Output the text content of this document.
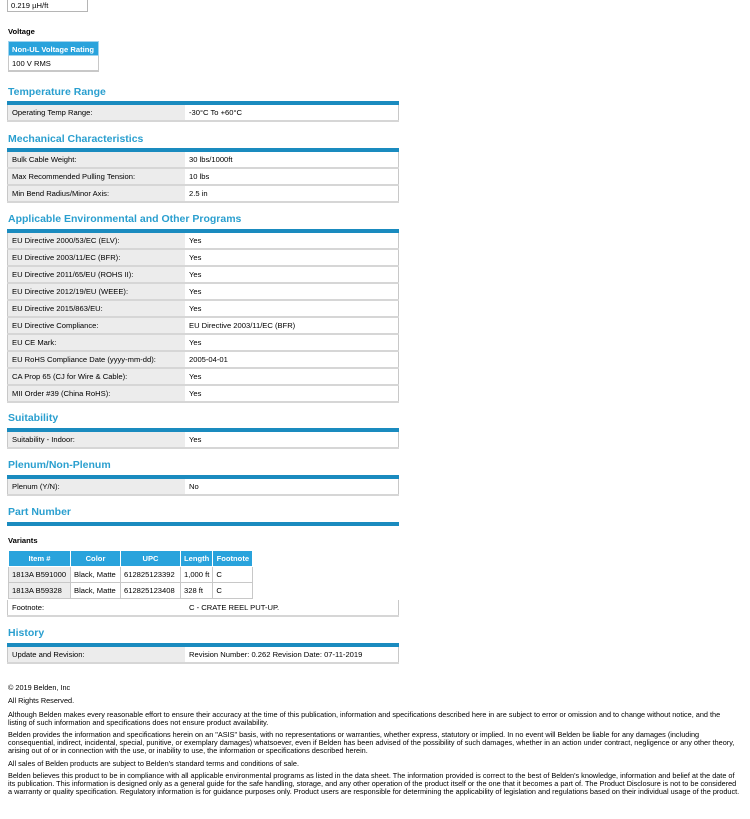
0.219 µH/ft
Voltage
Non-UL Voltage Rating
100 V RMS
Temperature Range
Operating Temp Range:	-30°C To +60°C
Mechanical Characteristics
Bulk Cable Weight:	30 lbs/1000ft
Max Recommended Pulling Tension:	10 lbs
Min Bend Radius/Minor Axis:	2.5 in
Applicable Environmental and Other Programs
EU Directive 2000/53/EC (ELV):	Yes
EU Directive 2003/11/EC (BFR):	Yes
EU Directive 2011/65/EU (ROHS II):	Yes
EU Directive 2012/19/EU (WEEE):	Yes
EU Directive 2015/863/EU:	Yes
EU Directive Compliance:	EU Directive 2003/11/EC (BFR)
EU CE Mark:	Yes
EU RoHS Compliance Date (yyyy-mm-dd):	2005-04-01
CA Prop 65 (CJ for Wire & Cable):	Yes
MII Order #39 (China RoHS):	Yes
Suitability
Suitability - Indoor:	Yes
Plenum/Non-Plenum
Plenum (Y/N):	No
Part Number
Variants
Item #	Color	UPC	Length	Footnote
1813A B591000	Black, Matte	612825123392	1,000 ft	C
1813A B59328	Black, Matte	612825123408	328 ft	C
Footnote:	C - CRATE REEL PUT-UP.
History
Update and Revision:	Revision Number: 0.262 Revision Date: 07-11-2019
© 2019 Belden, Inc
All Rights Reserved.
Although Belden makes every reasonable effort to ensure their accuracy at the time of this publication, information and specifications described here in are subject to error or omission and to change without notice, and the listing of such information and specifications does not ensure product availability.
Belden provides the information and specifications herein on an "ASIS" basis, with no representations or warranties, whether express, statutory or implied. In no event will Belden be liable for any damages (including consequential, indirect, incidental, special, punitive, or exemplary damages) whatsoever, even if Belden has been advised of the possibility of such damages, whether in an action under contract, negligence or any other theory, arising out of or in connection with the use, or inability to use, the information or specifications described herein.
All sales of Belden products are subject to Belden's standard terms and conditions of sale.
Belden believes this product to be in compliance with all applicable environmental programs as listed in the data sheet. The information provided is correct to the best of Belden's knowledge, information and belief at the date of its publication. This information is designed only as a general guide for the safe handling, storage, and any other operation of the product itself or the one that it becomes a part of. The Product Disclosure is not to be considered a warranty or quality specification. Regulatory information is for guidance purposes only. Product users are responsible for determining the applicability of legislation and regulations based on their individual usage of the product.
